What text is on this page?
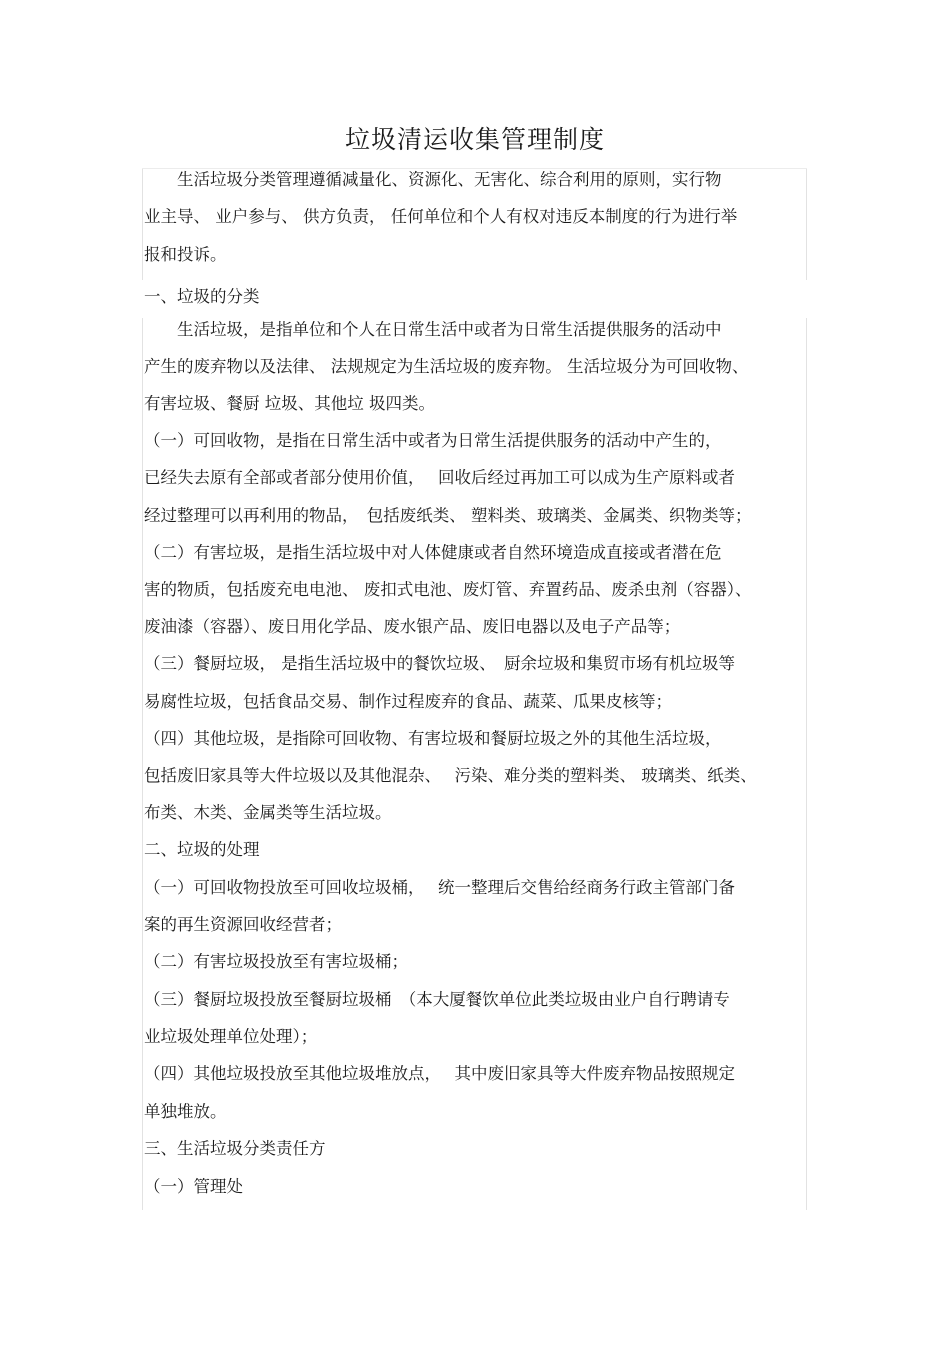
垃圾清运收集管理制度
　　生活垃圾分类管理遵循减量化、资源化、无害化、综合利用的原则，实行物
业主导、 业户参与、 供方负责， 任何单位和个人有权对违反本制度的行为进行举
报和投诉。
一、垃圾的分类
　　生活垃圾，是指单位和个人在日常生活中或者为日常生活提供服务的活动中
产生的废弃物以及法律、 法规规定为生活垃圾的废弃物。 生活垃圾分为可回收物、
有害垃圾、餐厨 垃圾、其他垃 圾四类。
（一）可回收物，是指在日常生活中或者为日常生活提供服务的活动中产生的，
已经失去原有全部或者部分使用价值，　 回收后经过再加工可以成为生产原料或者
经过整理可以再利用的物品，　包括废纸类、 塑料类、玻璃类、金属类、织物类等；
（二）有害垃圾，是指生活垃圾中对人体健康或者自然环境造成直接或者潜在危
害的物质，包括废充电电池、 废扣式电池、废灯管、弃置药品、废杀虫剂（容器）、
废油漆（容器）、废日用化学品、废水银产品、废旧电器以及电子产品等；
（三）餐厨垃圾， 是指生活垃圾中的餐饮垃圾、　厨余垃圾和集贸市场有机垃圾等
易腐性垃圾，包括食品交易、制作过程废弃的食品、蔬菜、瓜果皮核等；
（四）其他垃圾，是指除可回收物、有害垃圾和餐厨垃圾之外的其他生活垃圾，
包括废旧家具等大件垃圾以及其他混杂、　 污染、难分类的塑料类、 玻璃类、纸类、
布类、木类、金属类等生活垃圾。
二、垃圾的处理
（一）可回收物投放至可回收垃圾桶，　 统一整理后交售给经商务行政主管部门备
案的再生资源回收经营者；
（二）有害垃圾投放至有害垃圾桶；
（三）餐厨垃圾投放至餐厨垃圾桶　（本大厦餐饮单位此类垃圾由业户自行聘请专
业垃圾处理单位处理）；
（四）其他垃圾投放至其他垃圾堆放点，　 其中废旧家具等大件废弃物品按照规定
单独堆放。
三、生活垃圾分类责任方
（一）管理处
